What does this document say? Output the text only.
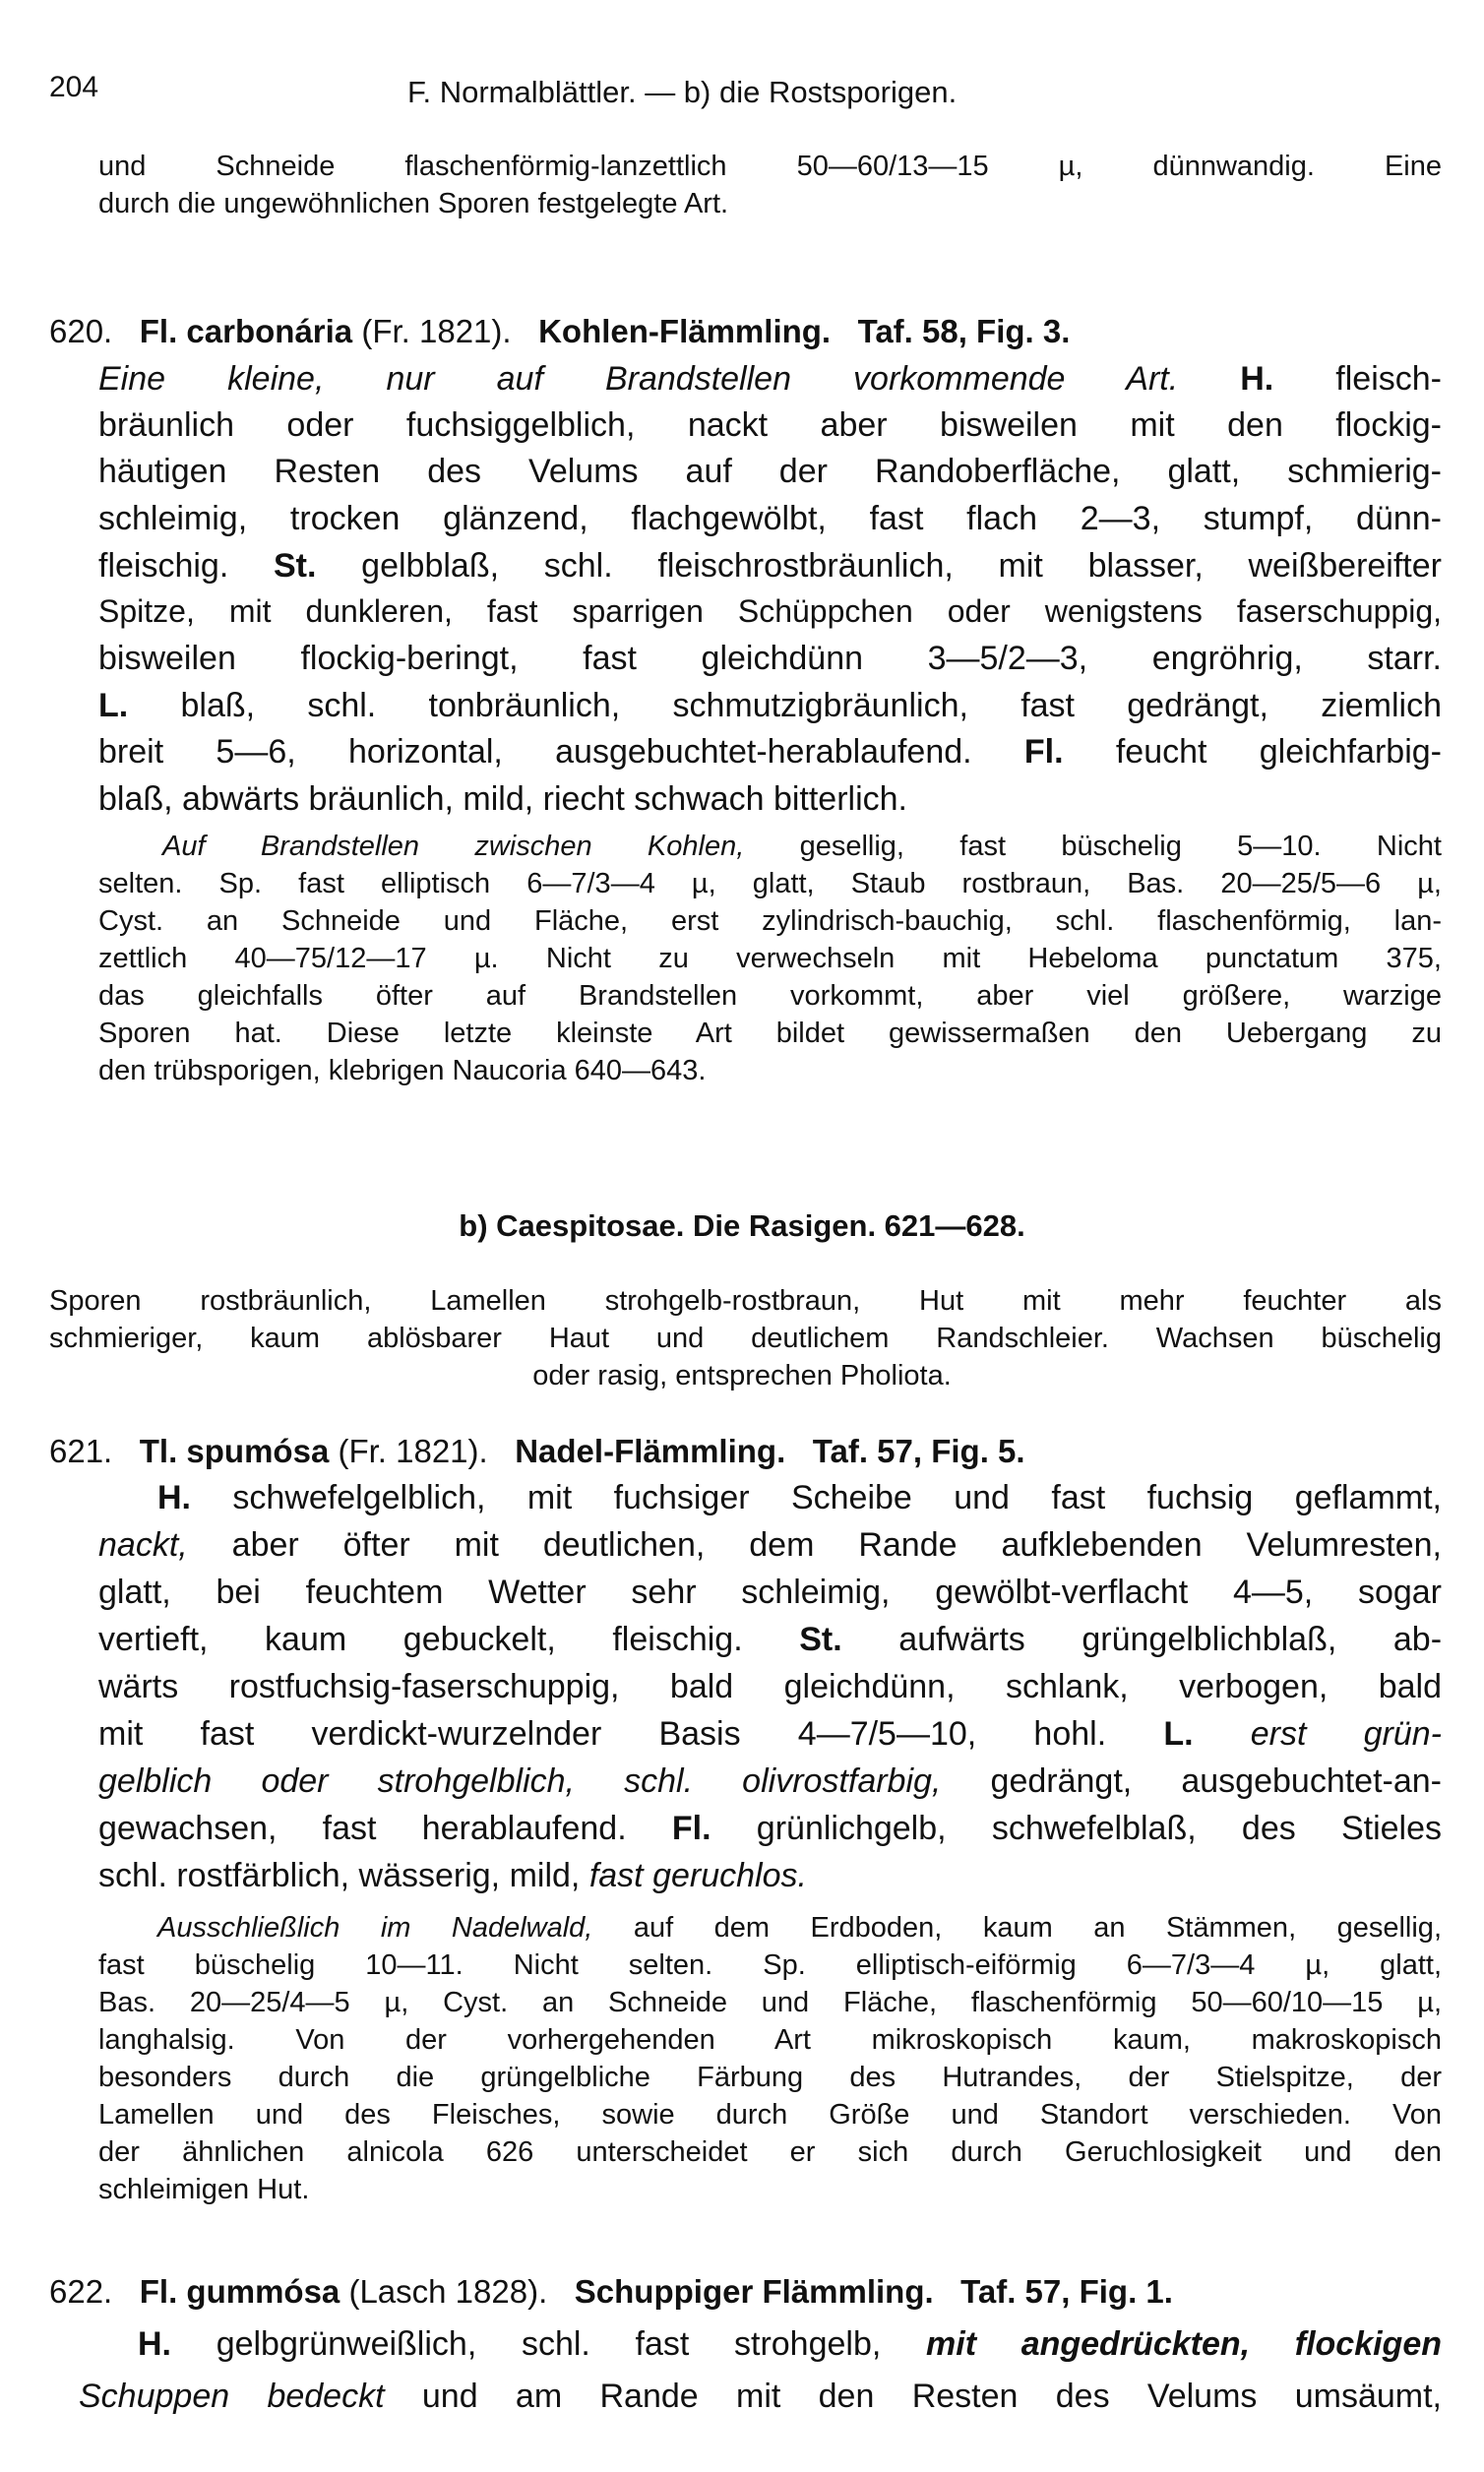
204	F. Normalblättler. — b) die Rostsporigen.
und Schneide flaschenförmig-lanzettlich 50—60/13—15 µ, dünnwandig. Eine
durch die ungewöhnlichen Sporen festgelegte Art.
620. Fl. carbonária (Fr. 1821). Kohlen-Flämmling. Taf. 58, Fig. 3.
Eine kleine, nur auf Brandstellen vorkommende Art. H. fleisch-
bräunlich oder fuchsiggelblich, nackt aber bisweilen mit den flockig-
häutigen Resten des Velums auf der Randoberfläche, glatt, schmierig-
schleimig, trocken glänzend, flachgewölbt, fast flach 2—3, stumpf, dünn-
fleischig. St. gelbblaß, schl. fleischrostbräunlich, mit blasser, weißbereifter
Spitze, mit dunkleren, fast sparrigen Schüppchen oder wenigstens faserschuppig,
bisweilen flockig-beringt, fast gleichdünn 3—5/2—3, engröhrig, starr.
L. blaß, schl. tonbräunlich, schmutzigbräunlich, fast gedrängt, ziemlich
breit 5—6, horizontal, ausgebuchtet-herablaufend. Fl. feucht gleichfarbig-
blaß, abwärts bräunlich, mild, riecht schwach bitterlich.
Auf Brandstellen zwischen Kohlen, gesellig, fast büschelig 5—10. Nicht
selten. Sp. fast elliptisch 6—7/3—4 µ, glatt, Staub rostbraun, Bas. 20—25/5—6 µ,
Cyst. an Schneide und Fläche, erst zylindrisch-bauchig, schl. flaschenförmig, lan-
zettlich 40—75/12—17 µ. Nicht zu verwechseln mit Hebeloma punctatum 375,
das gleichfalls öfter auf Brandstellen vorkommt, aber viel größere, warzige
Sporen hat. Diese letzte kleinste Art bildet gewissermaßen den Uebergang zu
den trübsporigen, klebrigen Naucoria 640—643.
b) Caespitosae. Die Rasigen. 621—628.
Sporen rostbräunlich, Lamellen strohgelb-rostbraun, Hut mit mehr feuchter als
schmieriger, kaum ablösbarer Haut und deutlichem Randschleier. Wachsen büschelig
oder rasig, entsprechen Pholiota.
621. Tl. spumósa (Fr. 1821). Nadel-Flämmling. Taf. 57, Fig. 5.
H. schwefelgelblich, mit fuchsiger Scheibe und fast fuchsig geflammt,
nackt, aber öfter mit deutlichen, dem Rande aufklebenden Velumresten,
glatt, bei feuchtem Wetter sehr schleimig, gewölbt-verflacht 4—5, sogar
vertieft, kaum gebuckelt, fleischig. St. aufwärts grüngelblichblaß, ab-
wärts rostfuchsig-faserschuppig, bald gleichdünn, schlank, verbogen, bald
mit fast verdickt-wurzelnder Basis 4—7/5—10, hohl. L. erst grün-
gelblich oder strohgelblich, schl. olivrostfarbig, gedrängt, ausgebuchtet-an-
gewachsen, fast herablaufend. Fl. grünlichgelb, schwefelblaß, des Stieles
schl. rostfärblich, wässerig, mild, fast geruchlos.
Ausschließlich im Nadelwald, auf dem Erdboden, kaum an Stämmen, gesellig,
fast büschelig 10—11. Nicht selten. Sp. elliptisch-eiförmig 6—7/3—4 µ, glatt,
Bas. 20—25/4—5 µ, Cyst. an Schneide und Fläche, flaschenförmig 50—60/10—15 µ,
langhalsig. Von der vorhergehenden Art mikroskopisch kaum, makroskopisch
besonders durch die grüngelbliche Färbung des Hutrandes, der Stielspitze, der
Lamellen und des Fleisches, sowie durch Größe und Standort verschieden. Von
der ähnlichen alnicola 626 unterscheidet er sich durch Geruchlosigkeit und den
schleimigen Hut.
622. Fl. gummósa (Lasch 1828). Schuppiger Flämmling. Taf. 57, Fig. 1.
H. gelbgrünweißlich, schl. fast strohgelb, mit angedrückten, flockigen
Schuppen bedeckt und am Rande mit den Resten des Velums umsäumt,
